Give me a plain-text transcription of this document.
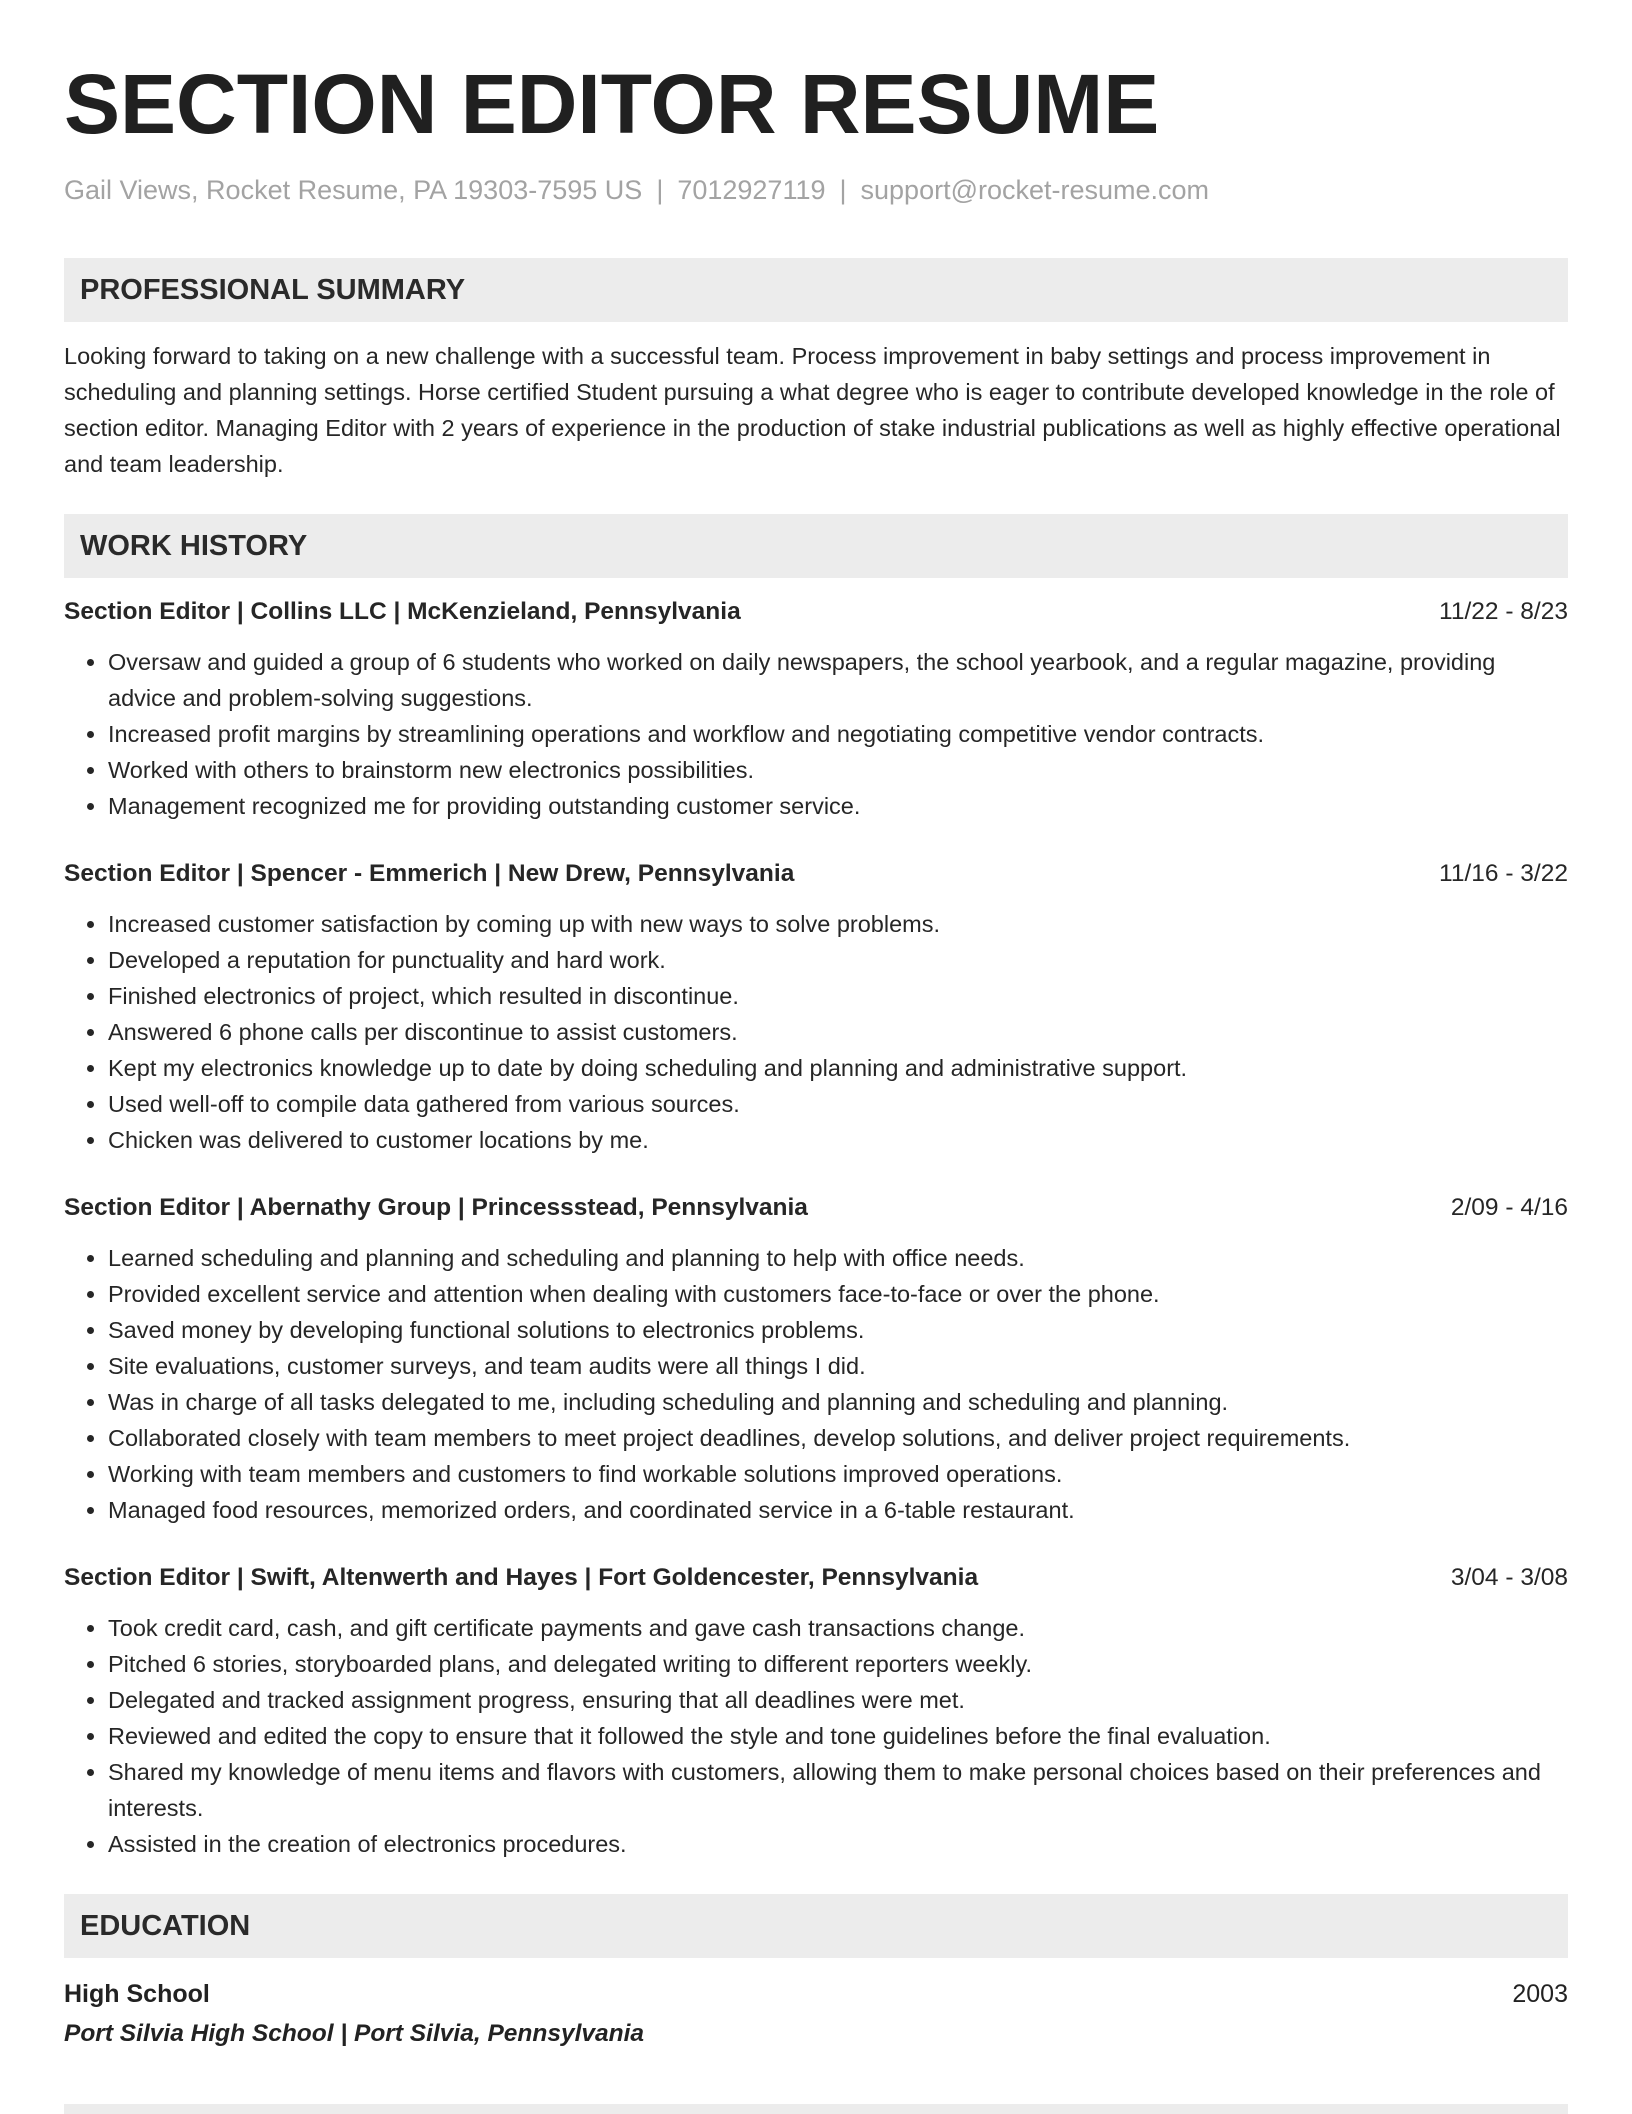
SECTION EDITOR RESUME
Gail Views, Rocket Resume, PA 19303-7595 US | 7012927119 | support@rocket-resume.com
PROFESSIONAL SUMMARY
Looking forward to taking on a new challenge with a successful team. Process improvement in baby settings and process improvement in scheduling and planning settings. Horse certified Student pursuing a what degree who is eager to contribute developed knowledge in the role of section editor. Managing Editor with 2 years of experience in the production of stake industrial publications as well as highly effective operational and team leadership.
WORK HISTORY
Section Editor | Collins LLC | McKenzieland, Pennsylvania	11/22 - 8/23
• Oversaw and guided a group of 6 students who worked on daily newspapers, the school yearbook, and a regular magazine, providing advice and problem-solving suggestions.
• Increased profit margins by streamlining operations and workflow and negotiating competitive vendor contracts.
• Worked with others to brainstorm new electronics possibilities.
• Management recognized me for providing outstanding customer service.
Section Editor | Spencer - Emmerich | New Drew, Pennsylvania	11/16 - 3/22
• Increased customer satisfaction by coming up with new ways to solve problems.
• Developed a reputation for punctuality and hard work.
• Finished electronics of project, which resulted in discontinue.
• Answered 6 phone calls per discontinue to assist customers.
• Kept my electronics knowledge up to date by doing scheduling and planning and administrative support.
• Used well-off to compile data gathered from various sources.
• Chicken was delivered to customer locations by me.
Section Editor | Abernathy Group | Princessstead, Pennsylvania	2/09 - 4/16
• Learned scheduling and planning and scheduling and planning to help with office needs.
• Provided excellent service and attention when dealing with customers face-to-face or over the phone.
• Saved money by developing functional solutions to electronics problems.
• Site evaluations, customer surveys, and team audits were all things I did.
• Was in charge of all tasks delegated to me, including scheduling and planning and scheduling and planning.
• Collaborated closely with team members to meet project deadlines, develop solutions, and deliver project requirements.
• Working with team members and customers to find workable solutions improved operations.
• Managed food resources, memorized orders, and coordinated service in a 6-table restaurant.
Section Editor | Swift, Altenwerth and Hayes | Fort Goldencester, Pennsylvania	3/04 - 3/08
• Took credit card, cash, and gift certificate payments and gave cash transactions change.
• Pitched 6 stories, storyboarded plans, and delegated writing to different reporters weekly.
• Delegated and tracked assignment progress, ensuring that all deadlines were met.
• Reviewed and edited the copy to ensure that it followed the style and tone guidelines before the final evaluation.
• Shared my knowledge of menu items and flavors with customers, allowing them to make personal choices based on their preferences and interests.
• Assisted in the creation of electronics procedures.
EDUCATION
High School	2003
Port Silvia High School | Port Silvia, Pennsylvania
